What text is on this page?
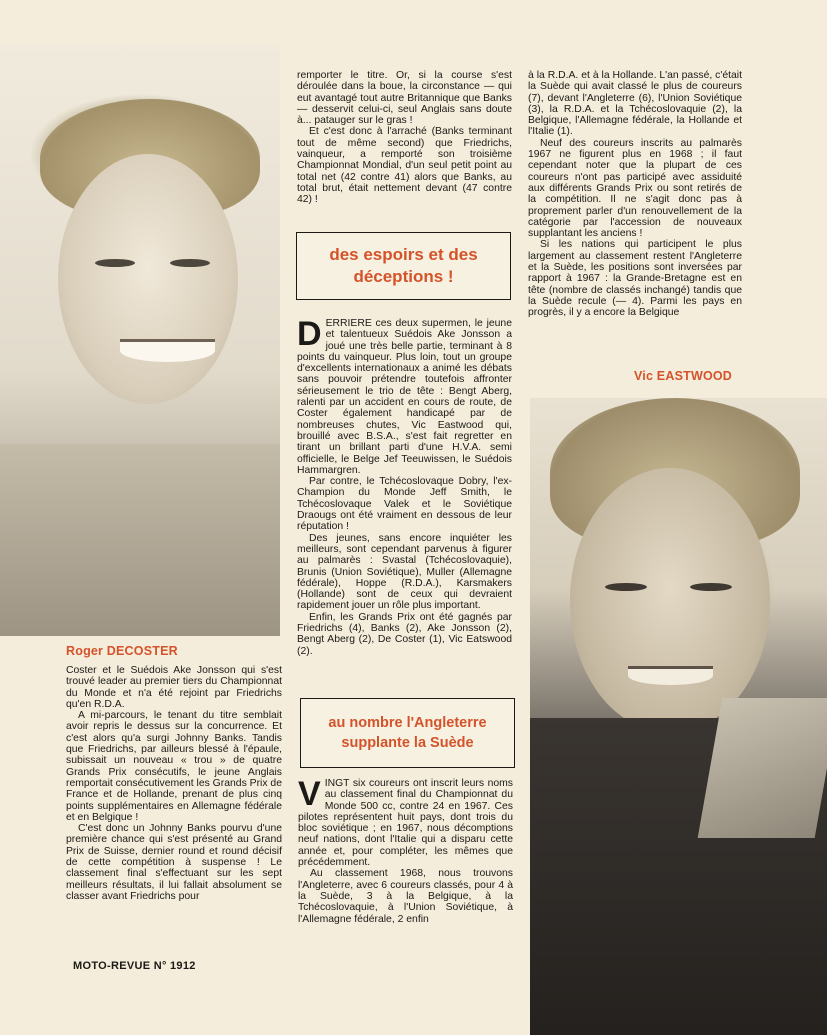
Roger DECOSTER

Coster et le Suédois Ake Jonsson qui s'est trouvé leader au premier tiers du Championnat du Monde et n'a été rejoint par Friedrichs qu'en R.D.A.

A mi-parcours, le tenant du titre semblait avoir repris le dessus sur la concurrence. Et c'est alors qu'a surgi Johnny Banks. Tandis que Friedrichs, par ailleurs blessé à l'épaule, subissait un nouveau « trou » de quatre Grands Prix consécutifs, le jeune Anglais remportait consécutivement les Grands Prix de France et de Hollande, prenant de plus cinq points supplémentaires en Allemagne fédérale et en Belgique !

C'est donc un Johnny Banks pourvu d'une première chance qui s'est présenté au Grand Prix de Suisse, dernier round et round décisif de cette compétition à suspense ! Le classement final s'effectuant sur les sept meilleurs résultats, il lui fallait absolument se classer avant Friedrichs pour

remporter le titre. Or, si la course s'est déroulée dans la boue, la circonstance — qui eut avantagé tout autre Britannique que Banks — desservit celui-ci, seul Anglais sans doute à... patauger sur le gras !

Et c'est donc à l'arraché (Banks terminant tout de même second) que Friedrichs, vainqueur, a remporté son troisième Championnat Mondial, d'un seul petit point au total net (42 contre 41) alors que Banks, au total brut, était nettement devant (47 contre 42) !

des espoirs et des déceptions !

DERRIERE ces deux supermen, le jeune et talentueux Suédois Ake Jonsson a joué une très belle partie, terminant à 8 points du vainqueur. Plus loin, tout un groupe d'excellents internationaux a animé les débats sans pouvoir prétendre toutefois affronter sérieusement le trio de tête : Bengt Aberg, ralenti par un accident en cours de route, de Coster également handicapé par de nombreuses chutes, Vic Eastwood qui, brouillé avec B.S.A., s'est fait regretter en tirant un brillant parti d'une H.V.A. semi officielle, le Belge Jef Teeuwissen, le Suédois Hammargren.

Par contre, le Tchécoslovaque Dobry, l'ex-Champion du Monde Jeff Smith, le Tchécoslovaque Valek et le Soviétique Draougs ont été vraiment en dessous de leur réputation !

Des jeunes, sans encore inquiéter les meilleurs, sont cependant parvenus à figurer au palmarès : Svastal (Tchécoslovaquie), Brunis (Union Soviétique), Muller (Allemagne fédérale), Hoppe (R.D.A.), Karsmakers (Hollande) sont de ceux qui devraient rapidement jouer un rôle plus important.

Enfin, les Grands Prix ont été gagnés par Friedrichs (4), Banks (2), Ake Jonsson (2), Bengt Aberg (2), De Coster (1), Vic Eatswood (2).

au nombre l'Angleterre supplante la Suède

VINGT six coureurs ont inscrit leurs noms au classement final du Championnat du Monde 500 cc, contre 24 en 1967. Ces pilotes représentent huit pays, dont trois du bloc soviétique ; en 1967, nous décomptions neuf nations, dont l'Italie qui a disparu cette année et, pour compléter, les mêmes que précédemment.

Au classement 1968, nous trouvons l'Angleterre, avec 6 coureurs classés, pour 4 à la Suède, 3 à la Belgique, à la Tchécoslovaquie, à l'Union Soviétique, à l'Allemagne fédérale, 2 enfin

à la R.D.A. et à la Hollande. L'an passé, c'était la Suède qui avait classé le plus de coureurs (7), devant l'Angleterre (6), l'Union Soviétique (3), la R.D.A. et la Tchécoslovaquie (2), la Belgique, l'Allemagne fédérale, la Hollande et l'Italie (1).

Neuf des coureurs inscrits au palmarès 1967 ne figurent plus en 1968 ; il faut cependant noter que la plupart de ces coureurs n'ont pas participé avec assiduité aux différents Grands Prix ou sont retirés de la compétition. Il ne s'agit donc pas à proprement parler d'un renouvellement de la catégorie par l'accession de nouveaux supplantant les anciens !

Si les nations qui participent le plus largement au classement restent l'Angleterre et la Suède, les positions sont inversées par rapport à 1967 : la Grande-Bretagne est en tête (nombre de classés inchangé) tandis que la Suède recule (— 4). Parmi les pays en progrès, il y a encore la Belgique

Vic EASTWOOD
MOTO-REVUE N° 1912
